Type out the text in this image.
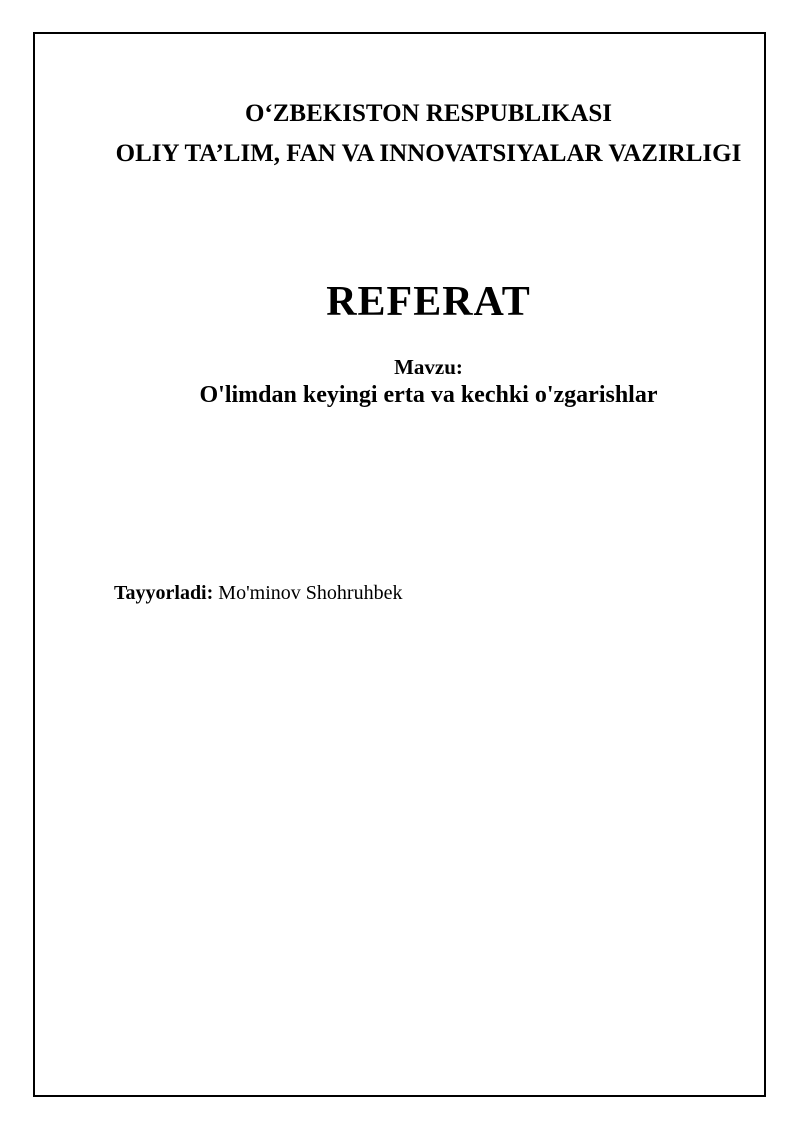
O‘ZBEKISTON RESPUBLIKASI
OLIY TA’LIM, FAN VA INNOVATSIYALAR VAZIRLIGI
REFERAT
Mavzu:
O'limdan keyingi erta va kechki o'zgarishlar
Tayyorladi: Mo'minov Shohruhbek
